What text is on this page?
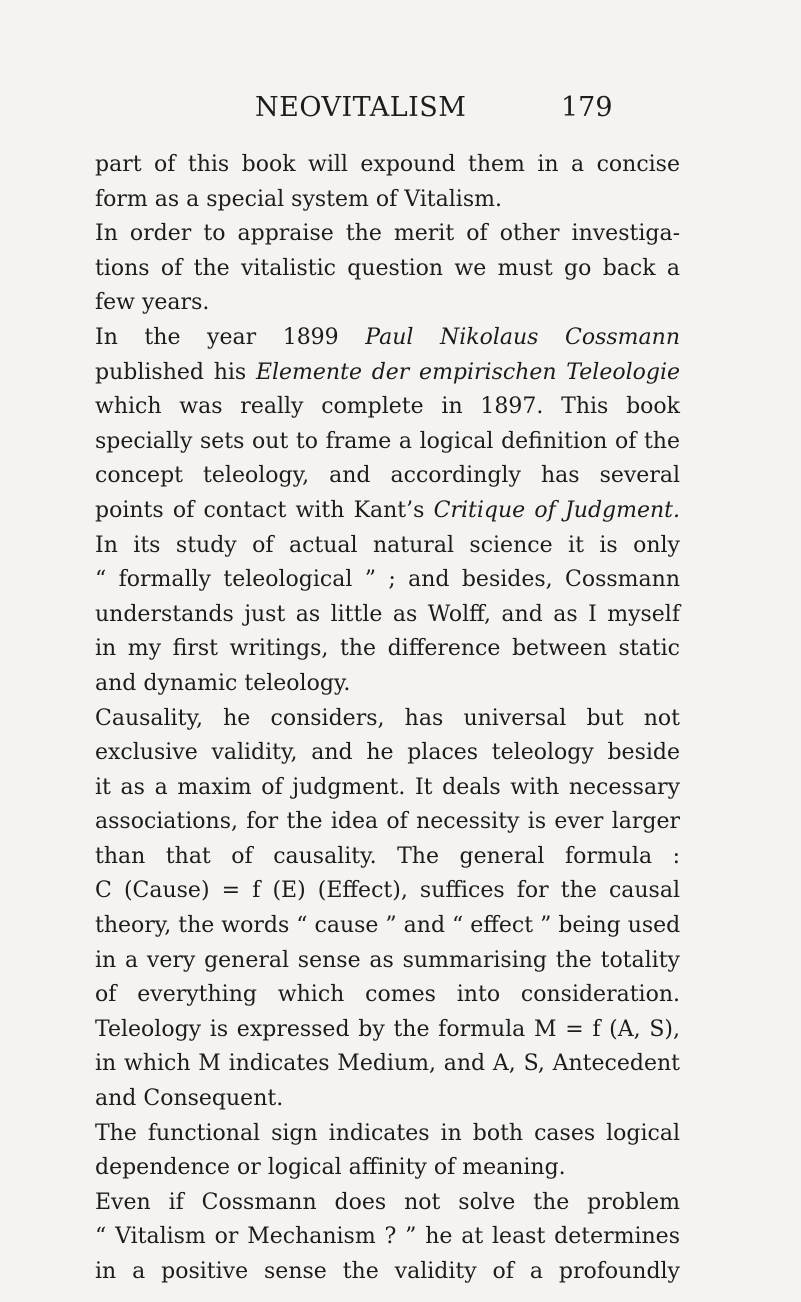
NEOVITALISM	179
part of this book will expound them in a concise
form as a special system of Vitalism.
In order to appraise the merit of other investiga-
tions of the vitalistic question we must go back a
few years.
In the year 1899 Paul Nikolaus Cossmann
published his Elemente der empirischen Teleologie
which was really complete in 1897. This book
specially sets out to frame a logical definition of the
concept teleology, and accordingly has several
points of contact with Kant’s Critique of Judgment.
In its study of actual natural science it is only
“ formally teleological ” ; and besides, Cossmann
understands just as little as Wolff, and as I myself
in my first writings, the difference between static
and dynamic teleology.
Causality, he considers, has universal but not
exclusive validity, and he places teleology beside
it as a maxim of judgment. It deals with necessary
associations, for the idea of necessity is ever larger
than that of causality. The general formula :
C (Cause) = f (E) (Effect), suffices for the causal
theory, the words “ cause ” and “ effect ” being used
in a very general sense as summarising the totality
of everything which comes into consideration.
Teleology is expressed by the formula M = f (A, S),
in which M indicates Medium, and A, S, Antecedent
and Consequent.
The functional sign indicates in both cases logical
dependence or logical affinity of meaning.
Even if Cossmann does not solve the problem
“ Vitalism or Mechanism ? ” he at least determines
in a positive sense the validity of a profoundly
